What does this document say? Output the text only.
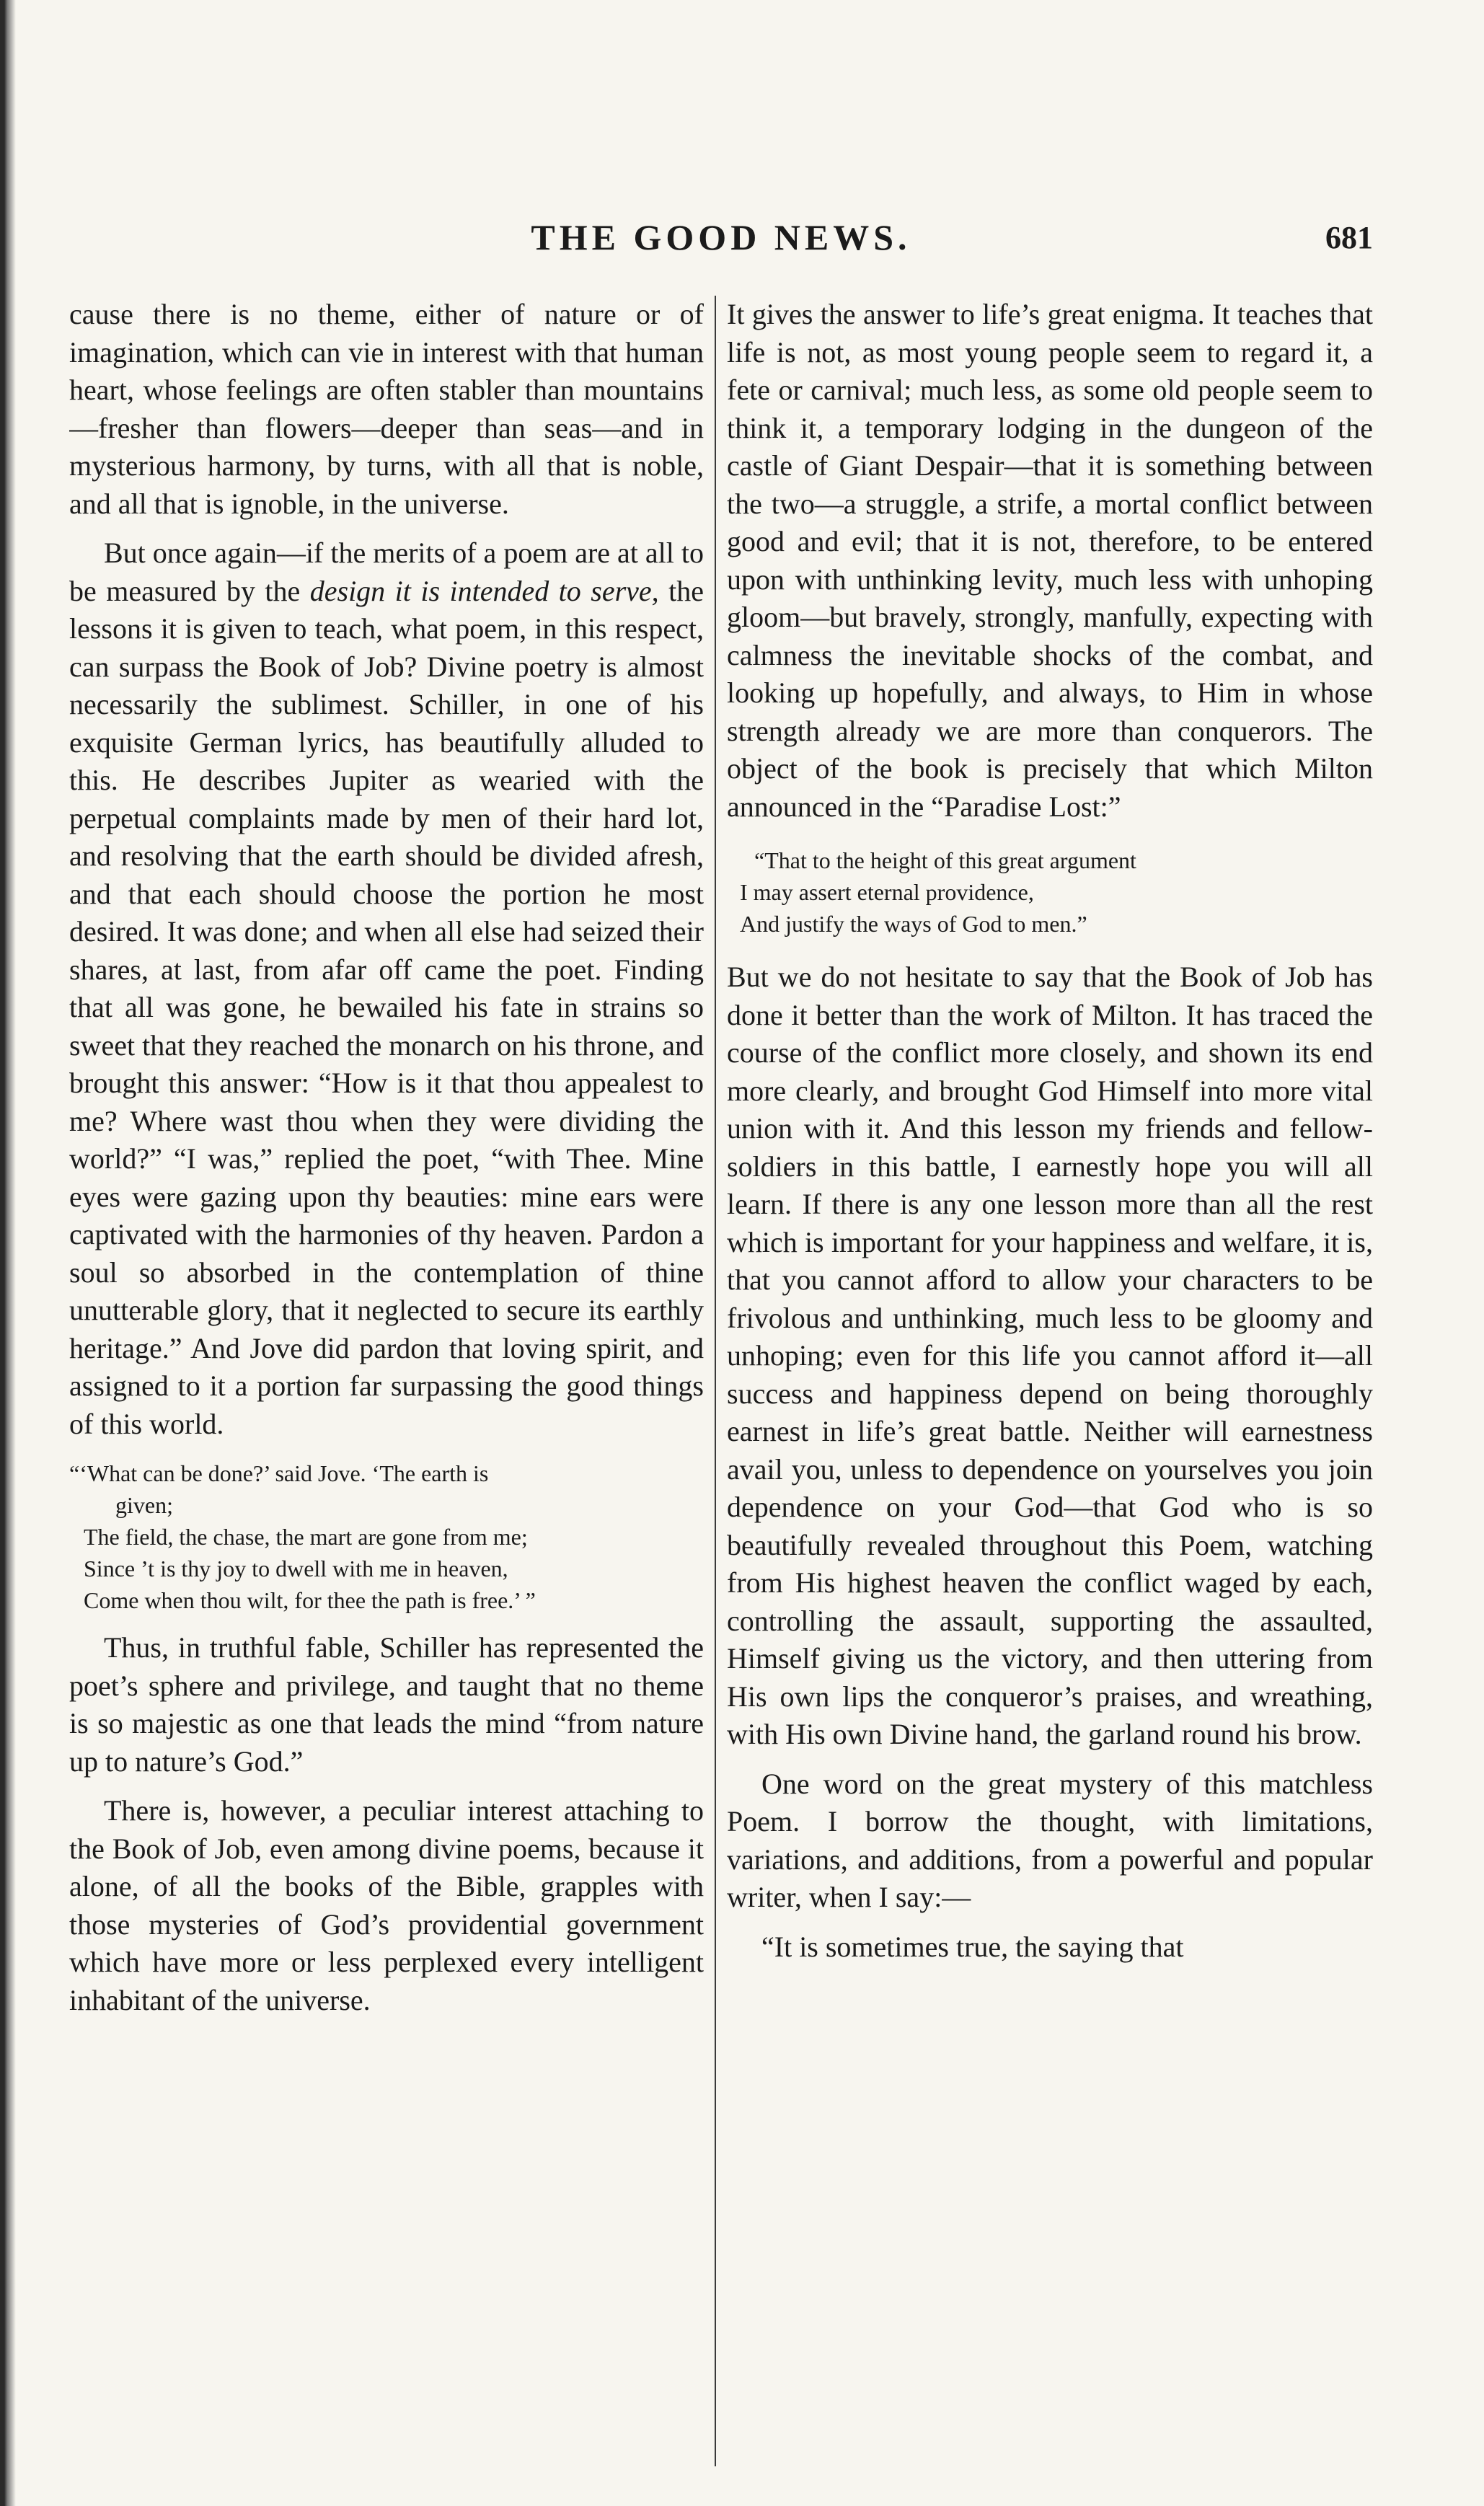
THE GOOD NEWS.	681

cause there is no theme, either of nature or of imagination, which can vie in interest with that human heart, whose feelings are often stabler than mountains—fresher than flowers—deeper than seas—and in mysterious harmony, by turns, with all that is noble, and all that is ignoble, in the universe.

But once again—if the merits of a poem are at all to be measured by the design it is intended to serve, the lessons it is given to teach, what poem, in this respect, can surpass the Book of Job? Divine poetry is almost necessarily the sublimest. Schiller, in one of his exquisite German lyrics, has beautifully alluded to this. He describes Jupiter as wearied with the perpetual complaints made by men of their hard lot, and resolving that the earth should be divided afresh, and that each should choose the portion he most desired. It was done; and when all else had seized their shares, at last, from afar off came the poet. Finding that all was gone, he bewailed his fate in strains so sweet that they reached the monarch on his throne, and brought this answer: “How is it that thou appealest to me? Where wast thou when they were dividing the world?” “I was,” replied the poet, “with Thee. Mine eyes were gazing upon thy beauties: mine ears were captivated with the harmonies of thy heaven. Pardon a soul so absorbed in the contemplation of thine unutterable glory, that it neglected to secure its earthly heritage.” And Jove did pardon that loving spirit, and assigned to it a portion far surpassing the good things of this world.

“‘What can be done?’ said Jove. ‘The earth is
given;
The field, the chase, the mart are gone from me;
Since ’t is thy joy to dwell with me in heaven,
Come when thou wilt, for thee the path is free.’ ”

Thus, in truthful fable, Schiller has represented the poet’s sphere and privilege, and taught that no theme is so majestic as one that leads the mind “from nature up to nature’s God.”

There is, however, a peculiar interest attaching to the Book of Job, even among divine poems, because it alone, of all the books of the Bible, grapples with those mysteries of God’s providential government which have more or less perplexed every intelligent inhabitant of the universe.

It gives the answer to life’s great enigma. It teaches that life is not, as most young people seem to regard it, a fete or carnival; much less, as some old people seem to think it, a temporary lodging in the dungeon of the castle of Giant Despair—that it is something between the two—a struggle, a strife, a mortal conflict between good and evil; that it is not, therefore, to be entered upon with unthinking levity, much less with unhoping gloom—but bravely, strongly, manfully, expecting with calmness the inevitable shocks of the combat, and looking up hopefully, and always, to Him in whose strength already we are more than conquerors. The object of the book is precisely that which Milton announced in the “Paradise Lost:”

“That to the height of this great argument
I may assert eternal providence,
And justify the ways of God to men.”

But we do not hesitate to say that the Book of Job has done it better than the work of Milton. It has traced the course of the conflict more closely, and shown its end more clearly, and brought God Himself into more vital union with it. And this lesson my friends and fellow-soldiers in this battle, I earnestly hope you will all learn. If there is any one lesson more than all the rest which is important for your happiness and welfare, it is, that you cannot afford to allow your characters to be frivolous and unthinking, much less to be gloomy and unhoping; even for this life you cannot afford it—all success and happiness depend on being thoroughly earnest in life’s great battle. Neither will earnestness avail you, unless to dependence on yourselves you join dependence on your God—that God who is so beautifully revealed throughout this Poem, watching from His highest heaven the conflict waged by each, controlling the assault, supporting the assaulted, Himself giving us the victory, and then uttering from His own lips the conqueror’s praises, and wreathing, with His own Divine hand, the garland round his brow.

One word on the great mystery of this matchless Poem. I borrow the thought, with limitations, variations, and additions, from a powerful and popular writer, when I say:—

“It is sometimes true, the saying that
